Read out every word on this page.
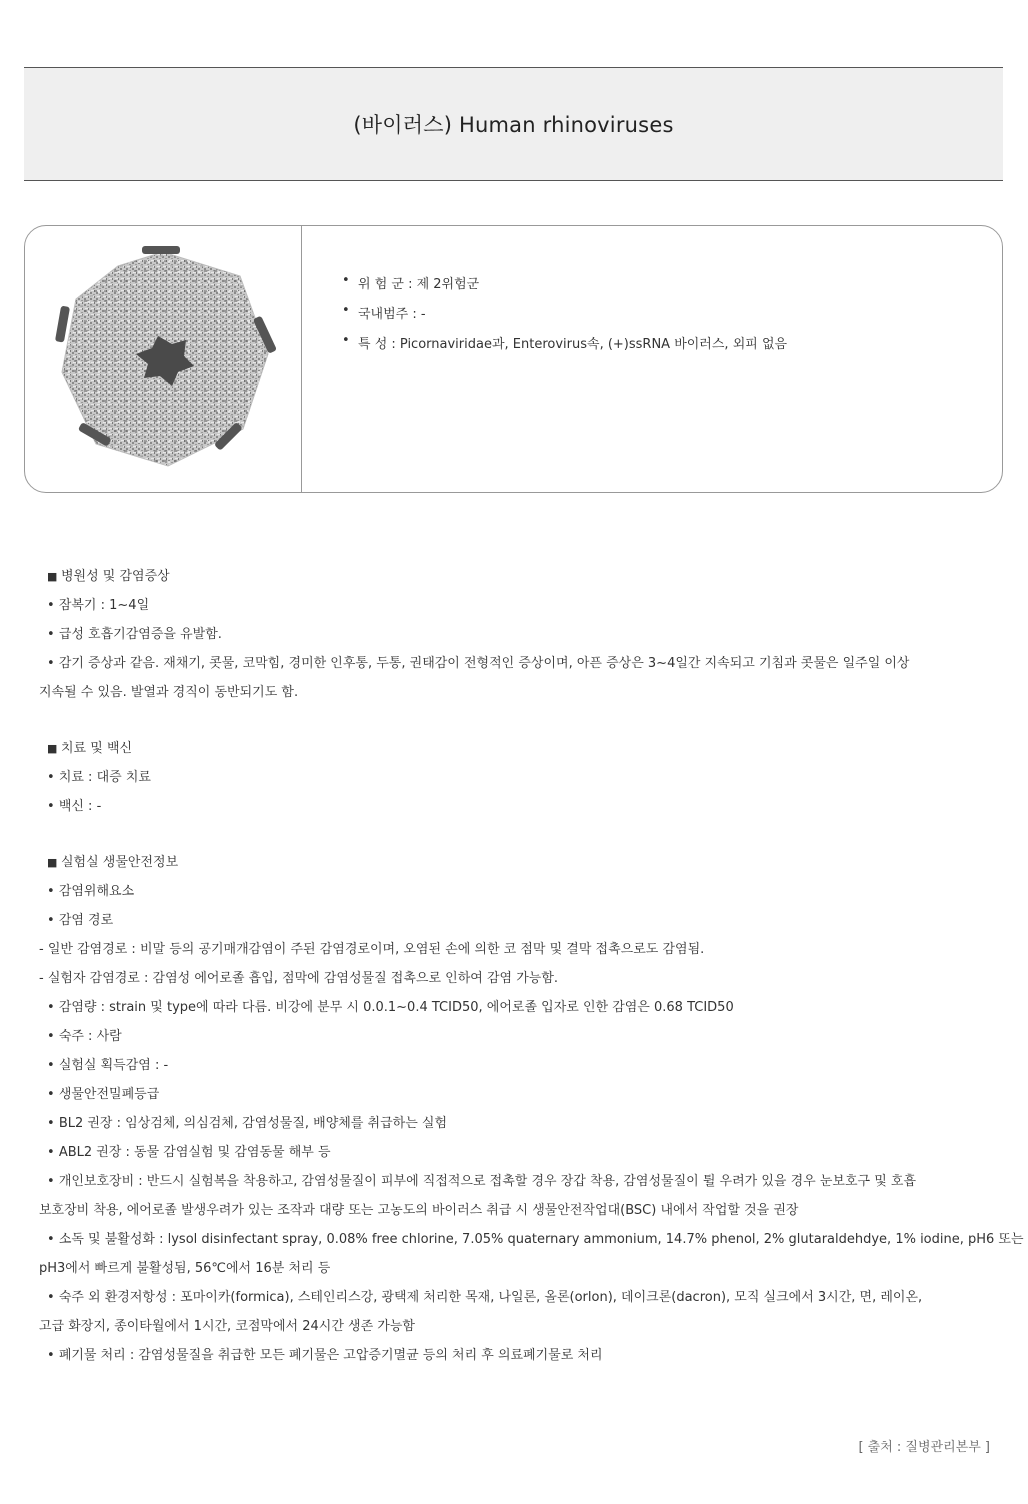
(바이러스) Human rhinoviruses
• 위 험 군 : 제 2위험군
• 국내범주 : -
• 특 성 : Picornaviridae과, Enterovirus속, (+)ssRNA 바이러스, 외피 없음
■ 병원성 및 감염증상
• 잠복기 : 1~4일
• 급성 호흡기감염증을 유발함.
• 감기 증상과 같음. 재채기, 콧물, 코막힘, 경미한 인후통, 두통, 권태감이 전형적인 증상이며, 아픈 증상은 3~4일간 지속되고 기침과 콧물은 일주일 이상
지속될 수 있음. 발열과 경직이 동반되기도 함.
■ 치료 및 백신
• 치료 : 대증 치료
• 백신 : -
■ 실험실 생물안전정보
• 감염위해요소
• 감염 경로
- 일반 감염경로 : 비말 등의 공기매개감염이 주된 감염경로이며, 오염된 손에 의한 코 점막 및 결막 접촉으로도 감염됨.
- 실험자 감염경로 : 감염성 에어로졸 흡입, 점막에 감염성물질 접촉으로 인하여 감염 가능함.
• 감염량 : strain 및 type에 따라 다름. 비강에 분무 시 0.0.1~0.4 TCID50, 에어로졸 입자로 인한 감염은 0.68 TCID50
• 숙주 : 사람
• 실험실 획득감염 : -
• 생물안전밀폐등급
• BL2 권장 : 임상검체, 의심검체, 감염성물질, 배양체를 취급하는 실험
• ABL2 권장 : 동물 감염실험 및 감염동물 해부 등
• 개인보호장비 : 반드시 실험복을 착용하고, 감염성물질이 피부에 직접적으로 접촉할 경우 장갑 착용, 감염성물질이 튈 우려가 있을 경우 눈보호구 및 호흡
보호장비 착용, 에어로졸 발생우려가 있는 조작과 대량 또는 고농도의 바이러스 취급 시 생물안전작업대(BSC) 내에서 작업할 것을 권장
• 소독 및 불활성화 : lysol disinfectant spray, 0.08% free chlorine, 7.05% quaternary ammonium, 14.7% phenol, 2% glutaraldehdye, 1% iodine, pH6 또는
pH3에서 빠르게 불활성됨, 56℃에서 16분 처리 등
• 숙주 외 환경저항성 : 포마이카(formica), 스테인리스강, 광택제 처리한 목재, 나일론, 올론(orlon), 데이크론(dacron), 모직 실크에서 3시간, 면, 레이온,
고급 화장지, 종이타월에서 1시간, 코점막에서 24시간 생존 가능함
• 폐기물 처리 : 감염성물질을 취급한 모든 폐기물은 고압증기멸균 등의 처리 후 의료폐기물로 처리
[ 출처 : 질병관리본부 ]
